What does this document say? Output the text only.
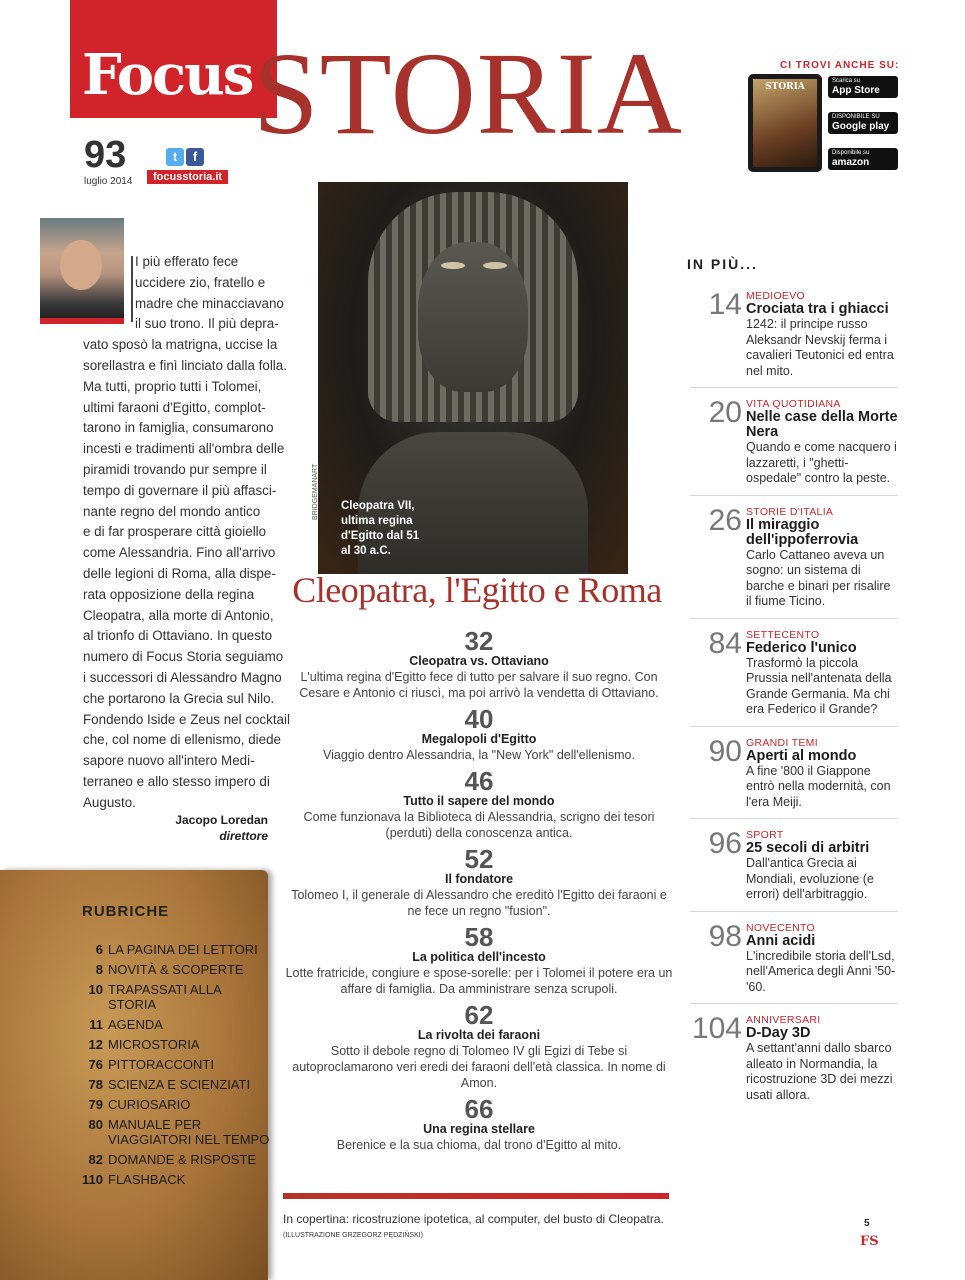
Focus STORIA
93
luglio 2014
t	f
focusstoria.it
CI TROVI ANCHE SU:
STORIA
Scarica su
App Store
DISPONIBILE SU
Google play
Disponibile su
amazon

I più efferato fece
uccidere zio, fratello e
madre che minacciavano
il suo trono. Il più depra-
vato sposò la matrigna, uccise la
sorellastra e finì linciato dalla folla.
Ma tutti, proprio tutti i Tolomei,
ultimi faraoni d'Egitto, complot-
tarono in famiglia, consumarono
incesti e tradimenti all'ombra delle
piramidi trovando pur sempre il
tempo di governare il più affasci-
nante regno del mondo antico
e di far prosperare città gioiello
come Alessandria. Fino all'arrivo
delle legioni di Roma, alla dispe-
rata opposizione della regina
Cleopatra, alla morte di Antonio,
al trionfo di Ottaviano. In questo
numero di Focus Storia seguiamo
i successori di Alessandro Magno
che portarono la Grecia sul Nilo.
Fondendo Iside e Zeus nel cocktail
che, col nome di ellenismo, diede
sapore nuovo all'intero Medi-
terraneo e allo stesso impero di
Augusto.

Jacopo Loredan
direttore
RUBRICHE
6 LA PAGINA DEI LETTORI
8 NOVITÀ & SCOPERTE
10 TRAPASSATI ALLA STORIA
11 AGENDA
12 MICROSTORIA
76 PITTORACCONTI
78 SCIENZA E SCIENZIATI
79 CURIOSARIO
80 MANUALE PER VIAGGIATORI NEL TEMPO
82 DOMANDE & RISPOSTE
110 FLASHBACK
Cleopatra VII, ultima regina d'Egitto dal 51 al 30 a.C.
BRIDGEMANART
Cleopatra, l'Egitto e Roma
32
Cleopatra vs. Ottaviano
L'ultima regina d'Egitto fece di tutto per salvare il suo regno. Con Cesare e Antonio ci riuscì, ma poi arrivò la vendetta di Ottaviano.
40
Megalopoli d'Egitto
Viaggio dentro Alessandria, la "New York" dell'ellenismo.
46
Tutto il sapere del mondo
Come funzionava la Biblioteca di Alessandria, scrigno dei tesori (perduti) della conoscenza antica.
52
Il fondatore
Tolomeo I, il generale di Alessandro che ereditò l'Egitto dei faraoni e ne fece un regno "fusion".
58
La politica dell'incesto
Lotte fratricide, congiure e spose-sorelle: per i Tolomei il potere era un affare di famiglia. Da amministrare senza scrupoli.
62
La rivolta dei faraoni
Sotto il debole regno di Tolomeo IV gli Egizi di Tebe si autoproclamarono veri eredi dei faraoni dell'età classica. In nome di Amon.
66
Una regina stellare
Berenice e la sua chioma, dal trono d'Egitto al mito.
In copertina: ricostruzione ipotetica, al computer, del busto di Cleopatra.
(ILLUSTRAZIONE GRZEGORZ PĘDZIŃSKI)
IN PIÙ...
14 MEDIOEVO
Crociata tra i ghiacci
1242: il principe russo Aleksandr Nevskij ferma i cavalieri Teutonici ed entra nel mito.
20 VITA QUOTIDIANA
Nelle case della Morte Nera
Quando e come nacquero i lazzaretti, i "ghetti-ospedale" contro la peste.
26 STORIE D'ITALIA
Il miraggio dell'ippoferrovia
Carlo Cattaneo aveva un sogno: un sistema di barche e binari per risalire il fiume Ticino.
84 SETTECENTO
Federico l'unico
Trasformò la piccola Prussia nell'antenata della Grande Germania. Ma chi era Federico il Grande?
90 GRANDI TEMI
Aperti al mondo
A fine '800 il Giappone entrò nella modernità, con l'era Meiji.
96 SPORT
25 secoli di arbitri
Dall'antica Grecia ai Mondiali, evoluzione (e errori) dell'arbitraggio.
98 NOVECENTO
Anni acidi
L'incredibile storia dell'Lsd, nell'America degli Anni '50-'60.
104 ANNIVERSARI
D-Day 3D
A settant'anni dallo sbarco alleato in Normandia, la ricostruzione 3D dei mezzi usati allora.
5
FS
